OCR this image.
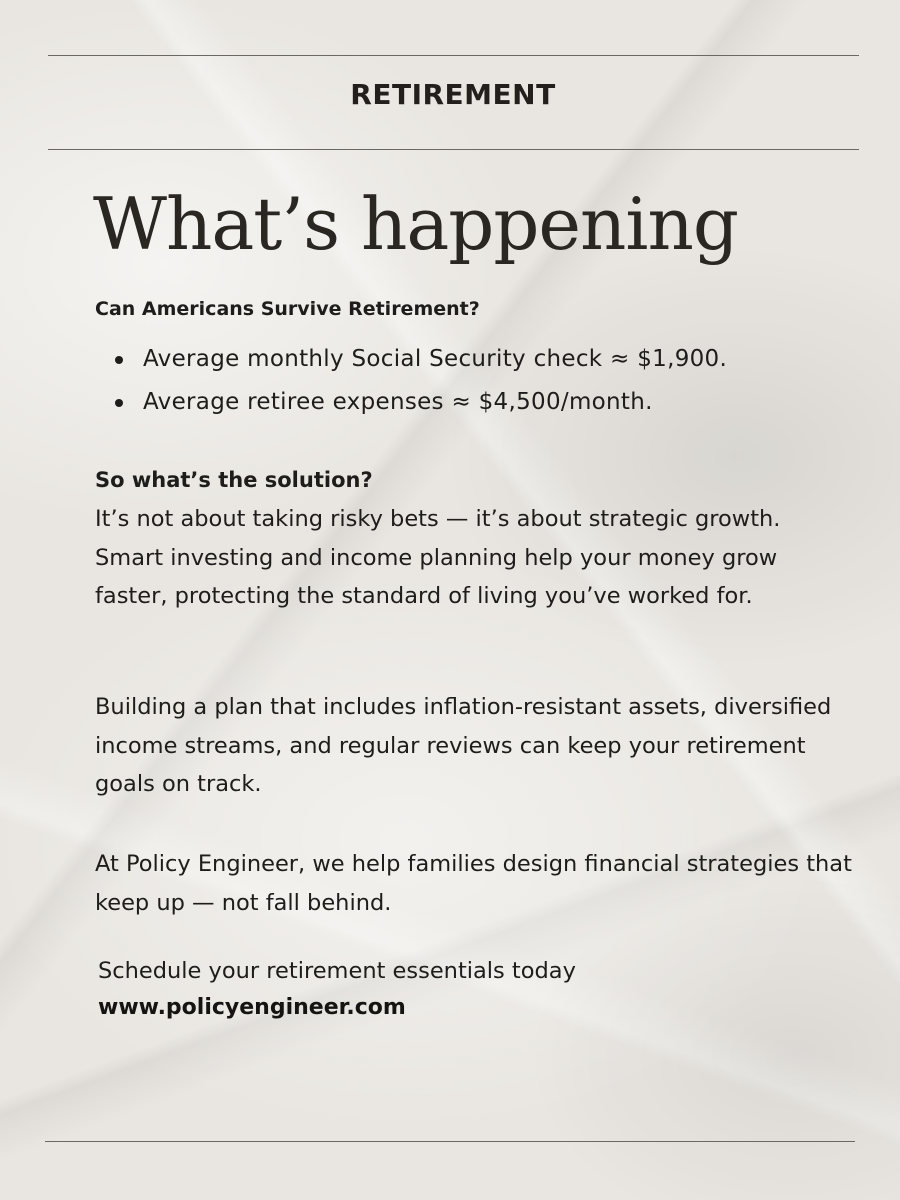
RETIREMENT
What’s happening
Can Americans Survive Retirement?
Average monthly Social Security check ≈ $1,900.
Average retiree expenses ≈ $4,500/month.
So what’s the solution?

It’s not about taking risky bets — it’s about strategic growth. Smart investing and income planning help your money grow faster, protecting the standard of living you’ve worked for.

Building a plan that includes inflation-resistant assets, diversified income streams, and regular reviews can keep your retirement goals on track.

At Policy Engineer, we help families design financial strategies that keep up — not fall behind.

Schedule your retirement essentials today
www.policyengineer.com
